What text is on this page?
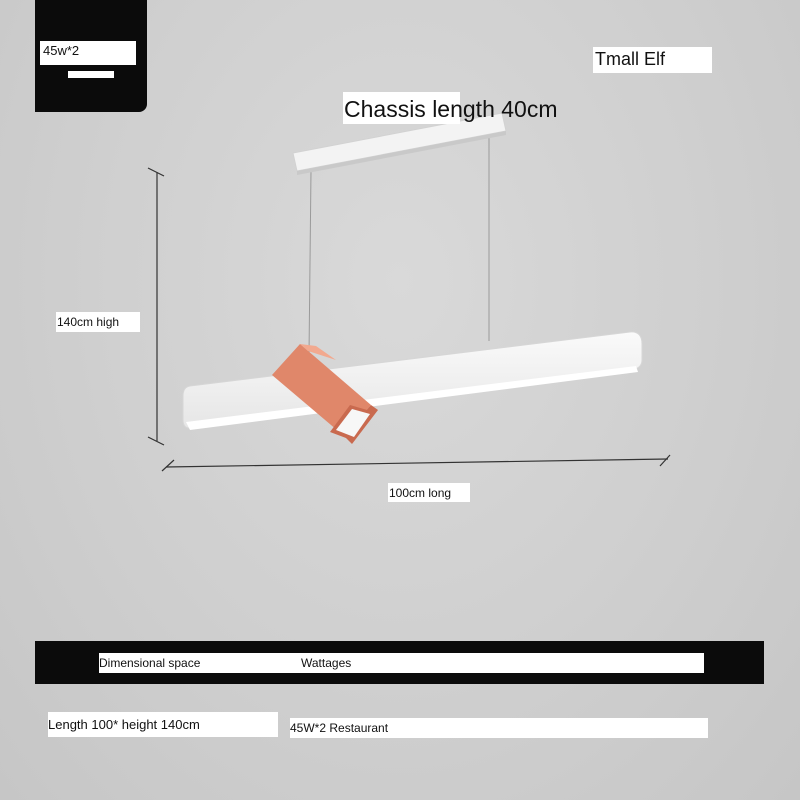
45w*2	Tmall Elf
Chassis length 40cm
140cm high
100cm long
Dimensional space	Wattages
Length 100* height 140cm	45W*2 Restaurant
